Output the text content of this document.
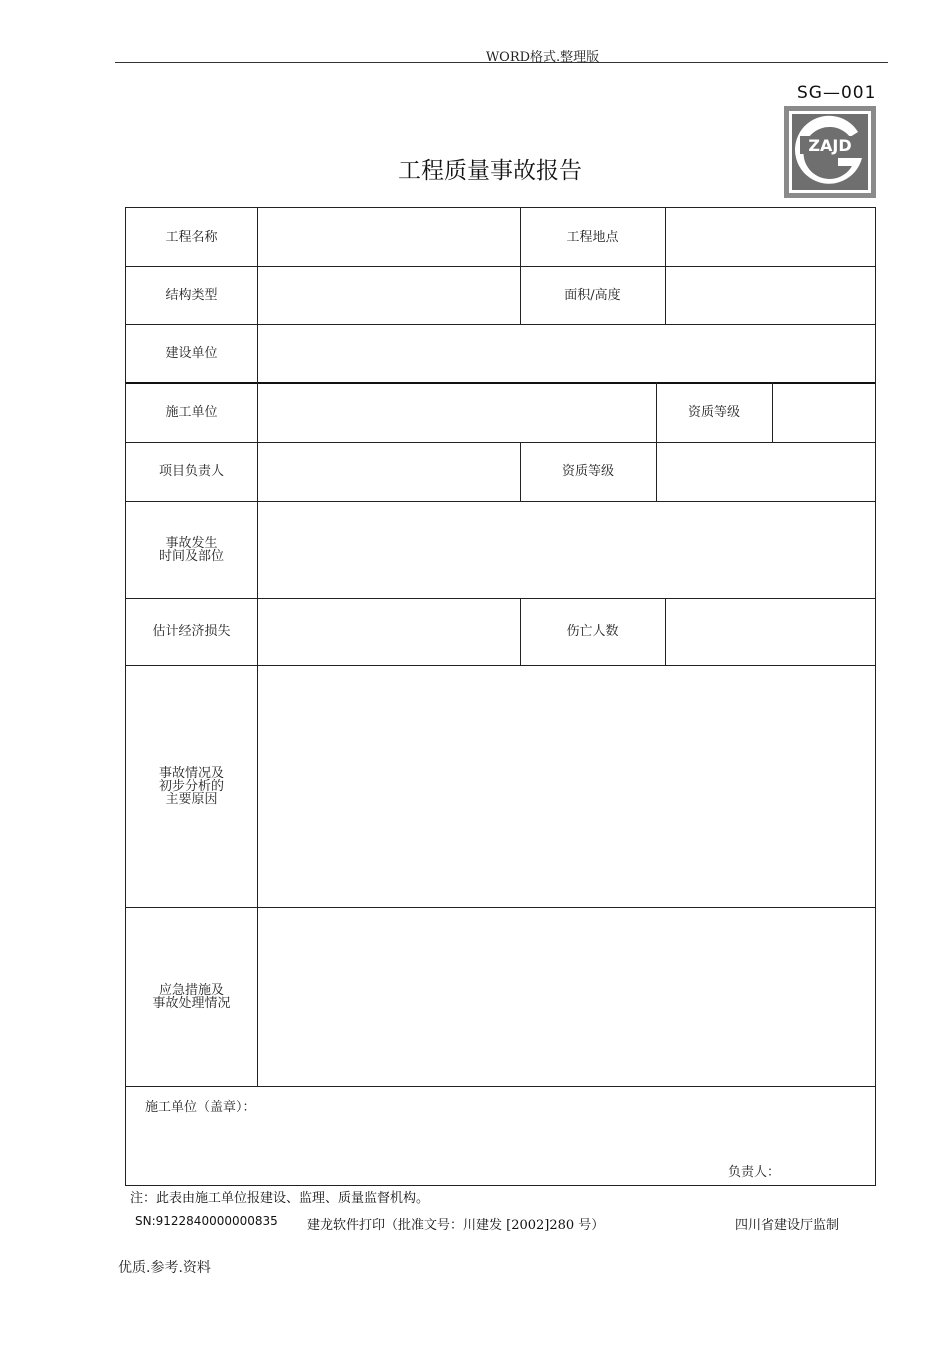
WORD格式.整理版
SG—001
ZAJD
工程质量事故报告
工程名称	工程地点
结构类型	面积/高度
建设单位
施工单位	资质等级
项目负责人	资质等级
事故发生
时间及部位
估计经济损失	伤亡人数
事故情况及
初步分析的
主要原因
应急措施及
事故处理情况
施工单位（盖章）：
负责人：
注：此表由施工单位报建设、监理、质量监督机构。
SN:9122840000000835 建龙软件打印（批准文号：川建发 [2002]280 号）	四川省建设厅监制
优质.参考.资料
